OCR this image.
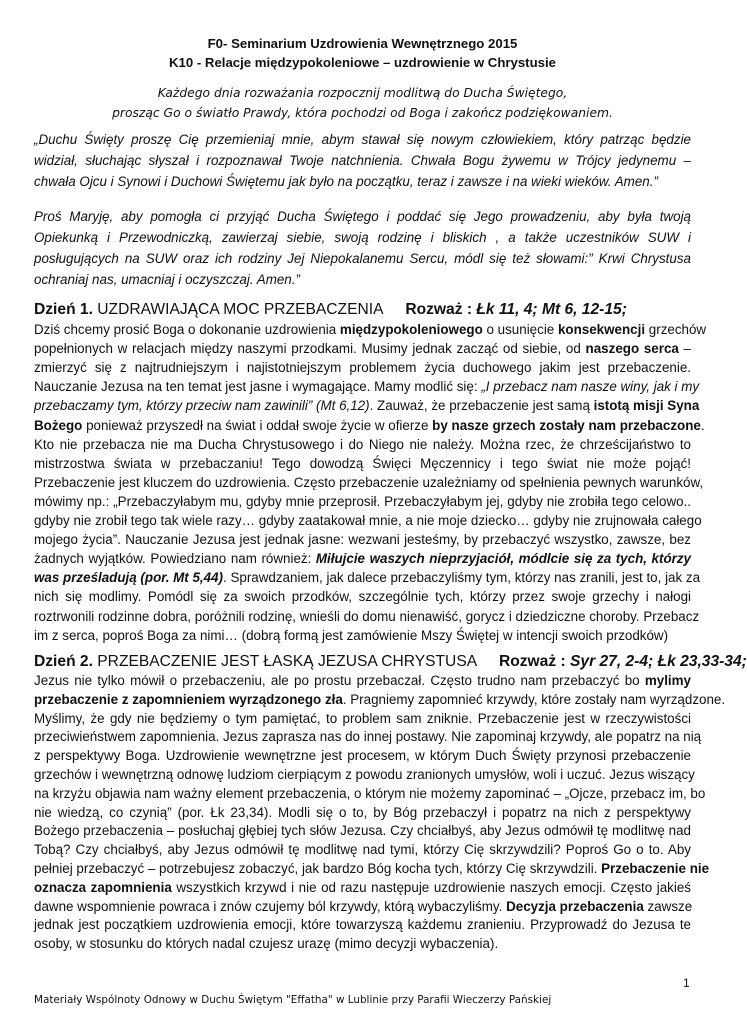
F0- Seminarium Uzdrowienia Wewnętrznego 2015
K10 - Relacje międzypokoleniowe – uzdrowienie w Chrystusie
Każdego dnia rozważania rozpocznij modlitwą do Ducha Świętego,
prosząc Go o światło Prawdy, która pochodzi od Boga i zakończ podziękowaniem.
„Duchu Święty proszę Cię przemieniaj mnie, abym stawał się nowym człowiekiem, który patrząc będzie
widział, słuchając słyszał i rozpoznawał Twoje natchnienia. Chwała Bogu żywemu w Trójcy jedynemu –
chwała Ojcu i Synowi i Duchowi Świętemu jak było na początku, teraz i zawsze i na wieki wieków. Amen.”
Proś Maryję, aby pomogła ci przyjąć Ducha Świętego i poddać się Jego prowadzeniu, aby była twoją
Opiekunką i Przewodniczką, zawierzaj siebie, swoją rodzinę i bliskich , a także uczestników SUW i
posługujących na SUW oraz ich rodziny Jej Niepokalanemu Sercu, módl się też słowami:” Krwi Chrystusa
ochraniaj nas, umacniaj i oczyszczaj. Amen.”
Dzień 1. UZDRAWIAJĄCA MOC PRZEBACZENIA Rozważ : Łk 11, 4; Mt 6, 12-15;
Dziś chcemy prosić Boga o dokonanie uzdrowienia międzypokoleniowego o usunięcie konsekwencji grzechów
popełnionych w relacjach między naszymi przodkami. Musimy jednak zacząć od siebie, od naszego serca –
zmierzyć się z najtrudniejszym i najistotniejszym problemem życia duchowego jakim jest przebaczenie.
Nauczanie Jezusa na ten temat jest jasne i wymagające. Mamy modlić się: „I przebacz nam nasze winy, jak i my
przebaczamy tym, którzy przeciw nam zawinili” (Mt 6,12). Zauważ, że przebaczenie jest samą istotą misji Syna
Bożego ponieważ przyszedł na świat i oddał swoje życie w ofierze by nasze grzech zostały nam przebaczone.
Kto nie przebacza nie ma Ducha Chrystusowego i do Niego nie należy. Można rzec, że chrześcijaństwo to
mistrzostwa świata w przebaczaniu! Tego dowodzą Święci Męczennicy i tego świat nie może pojąć!
Przebaczenie jest kluczem do uzdrowienia. Często przebaczenie uzależniamy od spełnienia pewnych warunków,
mówimy np.: „Przebaczyłabym mu, gdyby mnie przeprosił. Przebaczyłabym jej, gdyby nie zrobiła tego celowo..
gdyby nie zrobił tego tak wiele razy… gdyby zaatakował mnie, a nie moje dziecko… gdyby nie zrujnowała całego
mojego życia”. Nauczanie Jezusa jest jednak jasne: wezwani jesteśmy, by przebaczyć wszystko, zawsze, bez
żadnych wyjątków. Powiedziano nam również: Miłujcie waszych nieprzyjaciół, módlcie się za tych, którzy
was prześladują (por. Mt 5,44). Sprawdzaniem, jak dalece przebaczyliśmy tym, którzy nas zranili, jest to, jak za
nich się modlimy. Pomódl się za swoich przodków, szczególnie tych, którzy przez swoje grzechy i nałogi
roztrwonili rodzinne dobra, poróżnili rodzinę, wnieśli do domu nienawiść, gorycz i dziedziczne choroby. Przebacz
im z serca, poproś Boga za nimi… (dobrą formą jest zamówienie Mszy Świętej w intencji swoich przodków)
Dzień 2. PRZEBACZENIE JEST ŁASKĄ JEZUSA CHRYSTUSA Rozważ : Syr 27, 2-4; Łk 23,33-34;
Jezus nie tylko mówił o przebaczeniu, ale po prostu przebaczał. Często trudno nam przebaczyć bo mylimy
przebaczenie z zapomnieniem wyrządzonego zła. Pragniemy zapomnieć krzywdy, które zostały nam wyrządzone.
Myślimy, że gdy nie będziemy o tym pamiętać, to problem sam zniknie. Przebaczenie jest w rzeczywistości
przeciwieństwem zapomnienia. Jezus zaprasza nas do innej postawy. Nie zapominaj krzywdy, ale popatrz na nią
z perspektywy Boga. Uzdrowienie wewnętrzne jest procesem, w którym Duch Święty przynosi przebaczenie
grzechów i wewnętrzną odnowę ludziom cierpiącym z powodu zranionych umysłów, woli i uczuć. Jezus wiszący
na krzyżu objawia nam ważny element przebaczenia, o którym nie możemy zapominać – „Ojcze, przebacz im, bo
nie wiedzą, co czynią” (por. Łk 23,34). Modli się o to, by Bóg przebaczył i popatrz na nich z perspektywy
Bożego przebaczenia – posłuchaj głębiej tych słów Jezusa. Czy chciałbyś, aby Jezus odmówił tę modlitwę nad
Tobą? Czy chciałbyś, aby Jezus odmówił tę modlitwę nad tymi, którzy Cię skrzywdzili? Poproś Go o to. Aby
pełniej przebaczyć – potrzebujesz zobaczyć, jak bardzo Bóg kocha tych, którzy Cię skrzywdzili. Przebaczenie nie
oznacza zapomnienia wszystkich krzywd i nie od razu następuje uzdrowienie naszych emocji. Często jakieś
dawne wspomnienie powraca i znów czujemy ból krzywdy, którą wybaczyliśmy. Decyzja przebaczenia zawsze
jednak jest początkiem uzdrowienia emocji, które towarzyszą każdemu zranieniu. Przyprowadź do Jezusa te
osoby, w stosunku do których nadal czujesz urazę (mimo decyzji wybaczenia).
1
Materiały Wspólnoty Odnowy w Duchu Świętym "Effatha" w Lublinie przy Parafii Wieczerzy Pańskiej
